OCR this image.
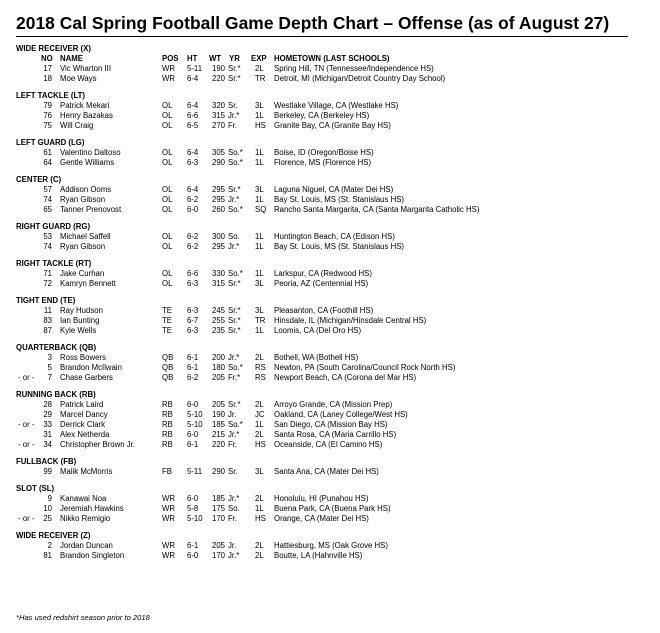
2018 Cal Spring Football Game Depth Chart – Offense (as of August 27)
WIDE RECEIVER (X)
NO NAME	POS HT WT YR EXP HOMETOWN (LAST SCHOOLS)
17 Vic Wharton III	WR 5-11 190 Sr.* 2L Spring Hill, TN (Tennessee/Independence HS)
18 Moe Ways	WR 6-4 220 Sr.* TR Detroit, MI (Michigan/Detroit Country Day School)
LEFT TACKLE (LT)
79 Patrick Mekari	OL 6-4 320 Sr. 3L Westlake Village, CA (Westlake HS)
76 Henry Bazakas	OL 6-6 315 Jr.* 1L Berkeley, CA (Berkeley HS)
75 Will Craig	OL 6-5 270 Fr. HS Granite Bay, CA (Granite Bay HS)
LEFT GUARD (LG)
61 Valentino Daltoso	OL 6-4 305 So.* 1L Boise, ID (Oregon/Boise HS)
64 Gentle Williams	OL 6-3 290 So.* 1L Florence, MS (Florence HS)
CENTER (C)
57 Addison Ooms	OL 6-4 295 Sr.* 3L Laguna Niguel, CA (Mater Dei HS)
74 Ryan Gibson	OL 6-2 295 Jr.* 1L Bay St. Louis, MS (St. Stanislaus HS)
65 Tanner Prenovost	OL 6-0 260 So.* SQ Rancho Santa Margarita, CA (Santa Margarita Catholic HS)
RIGHT GUARD (RG)
53 Michael Saffell	OL 6-2 300 So. 1L Huntington Beach, CA (Edison HS)
74 Ryan Gibson	OL 6-2 295 Jr.* 1L Bay St. Louis, MS (St. Stanislaus HS)
RIGHT TACKLE (RT)
71 Jake Curhan	OL 6-6 330 So.* 1L Larkspur, CA (Redwood HS)
72 Kamryn Bennett	OL 6-3 315 Sr.* 3L Peoria, AZ (Centennial HS)
TIGHT END (TE)
11 Ray Hudson	TE 6-3 245 Sr.* 3L Pleasanton, CA (Foothill HS)
83 Ian Bunting	TE 6-7 255 Sr.* TR Hinsdale, IL (Michigan/Hinsdale Central HS)
87 Kyle Wells	TE 6-3 235 Sr.* 1L Loomis, CA (Del Oro HS)
QUARTERBACK (QB)
3 Ross Bowers	QB 6-1 200 Jr.* 2L Bothell, WA (Bothell HS)
5 Brandon McIlwain	QB 6-1 180 So.* RS Newton, PA (South Carolina/Council Rock North HS)
- or -	7 Chase Garbers	QB 6-2 205 Fr.* RS Newport Beach, CA (Corona del Mar HS)
RUNNING BACK (RB)
28 Patrick Laird	RB 6-0 205 Sr.* 2L Arroyo Grande, CA (Mission Prep)
29 Marcel Dancy	RB 5-10 190 Jr. JC Oakland, CA (Laney College/West HS)
- or -	33 Derrick Clark	RB 5-10 185 So.* 1L San Diego, CA (Mission Bay HS)
31 Alex Netherda	RB 6-0 215 Jr.* 2L Santa Rosa, CA (Maria Carrillo HS)
- or -	34 Christopher Brown Jr.	RB 6-1 220 Fr. HS Oceanside, CA (El Camino HS)
FULLBACK (FB)
99 Malik McMorris	FB 5-11 290 Sr. 3L Santa Ana, CA (Mater Dei HS)
SLOT (SL)
9 Kanawai Noa	WR 6-0 185 Jr.* 2L Honolulu, HI (Punahou HS)
10 Jeremiah Hawkins	WR 5-8 175 So. 1L Buena Park, CA (Buena Park HS)
- or -	25 Nikko Remigio	WR 5-10 170 Fr. HS Orange, CA (Mater Dei HS)
WIDE RECEIVER (Z)
2 Jordan Duncan	WR 6-1 205 Jr. 2L Hattiesburg, MS (Oak Grove HS)
81 Brandon Singleton	WR 6-0 170 Jr.* 2L Boutte, LA (Hahnville HS)
*Has used redshirt season prior to 2018
